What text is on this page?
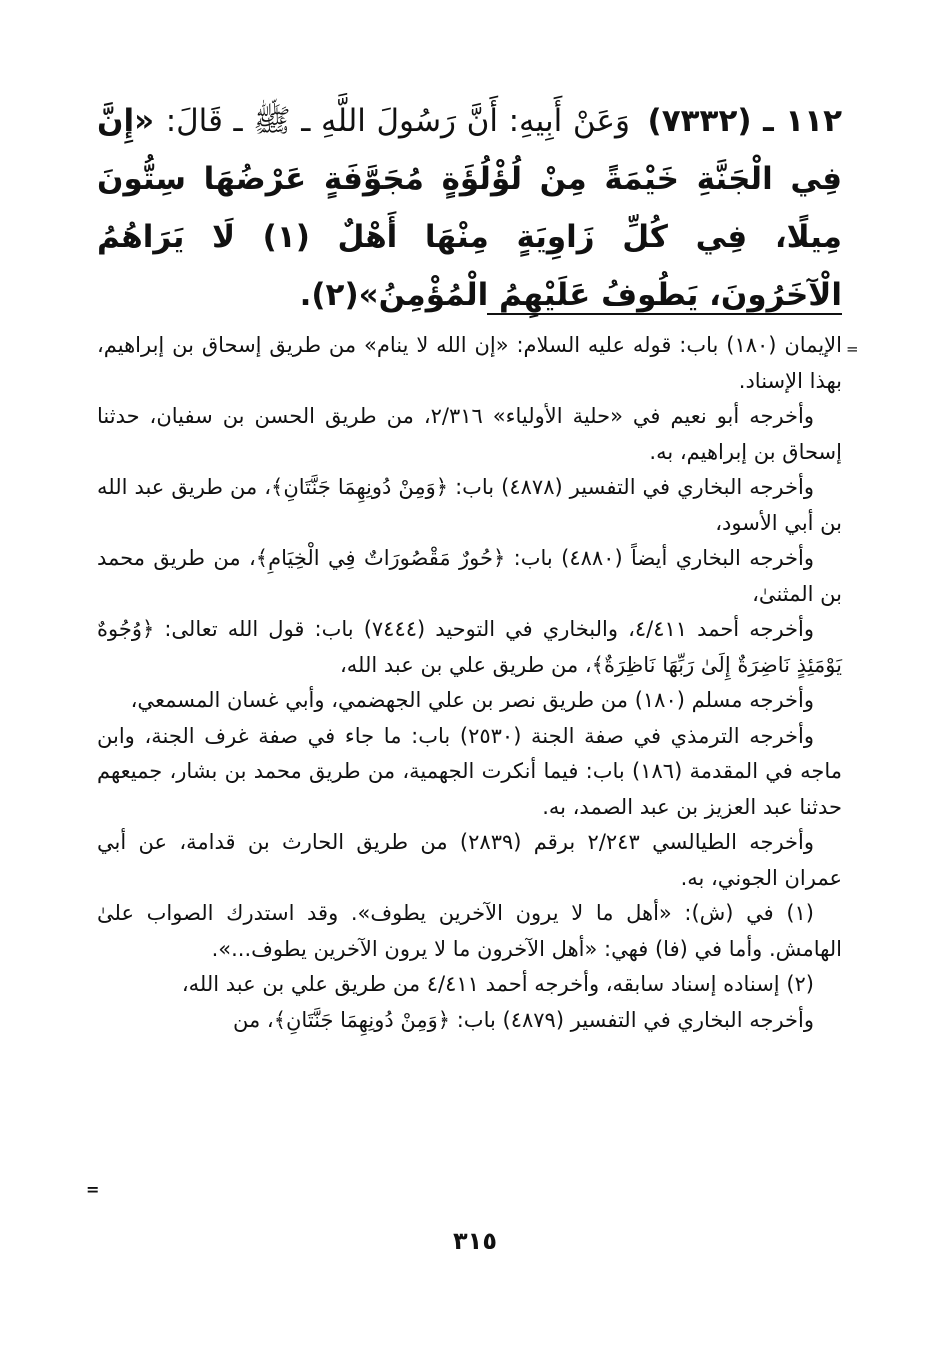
١١٢ ـ (٧٣٣٢) وَعَنْ أَبِيهِ: أَنَّ رَسُولَ اللَّهِ ـ ﷺ ـ قَالَ: «إِنَّ فِي الْجَنَّةِ خَيْمَةً مِنْ لُؤْلُؤَةٍ مُجَوَّفَةٍ عَرْضُهَا سِتُّونَ مِيلًا، فِي كُلِّ زَاوِيَةٍ مِنْهَا أَهْلٌ (١) لَا يَرَاهُمُ الْآخَرُونَ، يَطُوفُ عَلَيْهِمُ الْمُؤْمِنُ»(٢).

=

الإيمان (١٨٠) باب: قوله عليه السلام: «إن الله لا ينام» من طريق إسحاق بن إبراهيم، بهذا الإسناد.

وأخرجه أبو نعيم في «حلية الأولياء» ٢/٣١٦، من طريق الحسن بن سفيان، حدثنا إسحاق بن إبراهيم، به.

وأخرجه البخاري في التفسير (٤٨٧٨) باب: ﴿وَمِنْ دُونِهِمَا جَنَّتَانِ﴾، من طريق عبد الله بن أبي الأسود،

وأخرجه البخاري أيضاً (٤٨٨٠) باب: ﴿حُورٌ مَقْصُورَاتٌ فِي الْخِيَامِ﴾، من طريق محمد بن المثنىٰ،

وأخرجه أحمد ٤/٤١١، والبخاري في التوحيد (٧٤٤٤) باب: قول الله تعالى: ﴿وُجُوهٌ يَوْمَئِذٍ نَاضِرَةٌ إِلَىٰ رَبِّهَا نَاظِرَةٌ﴾، من طريق علي بن عبد الله،

وأخرجه مسلم (١٨٠) من طريق نصر بن علي الجهضمي، وأبي غسان المسمعي،

وأخرجه الترمذي في صفة الجنة (٢٥٣٠) باب: ما جاء في صفة غرف الجنة، وابن ماجه في المقدمة (١٨٦) باب: فيما أنكرت الجهمية، من طريق محمد بن بشار، جميعهم حدثنا عبد العزيز بن عبد الصمد، به.

وأخرجه الطيالسي ٢/٢٤٣ برقم (٢٨٣٩) من طريق الحارث بن قدامة، عن أبي عمران الجوني، به.

(١) في (ش): «أهل ما لا يرون الآخرين يطوف». وقد استدرك الصواب علىٰ الهامش. وأما في (فا) فهي: «أهل الآخرون ما لا يرون الآخرين يطوف...».

(٢) إسناده إسناد سابقه، وأخرجه أحمد ٤/٤١١ من طريق علي بن عبد الله،

وأخرجه البخاري في التفسير (٤٨٧٩) باب: ﴿وَمِنْ دُونِهِمَا جَنَّتَانِ﴾، من

=
٣١٥
